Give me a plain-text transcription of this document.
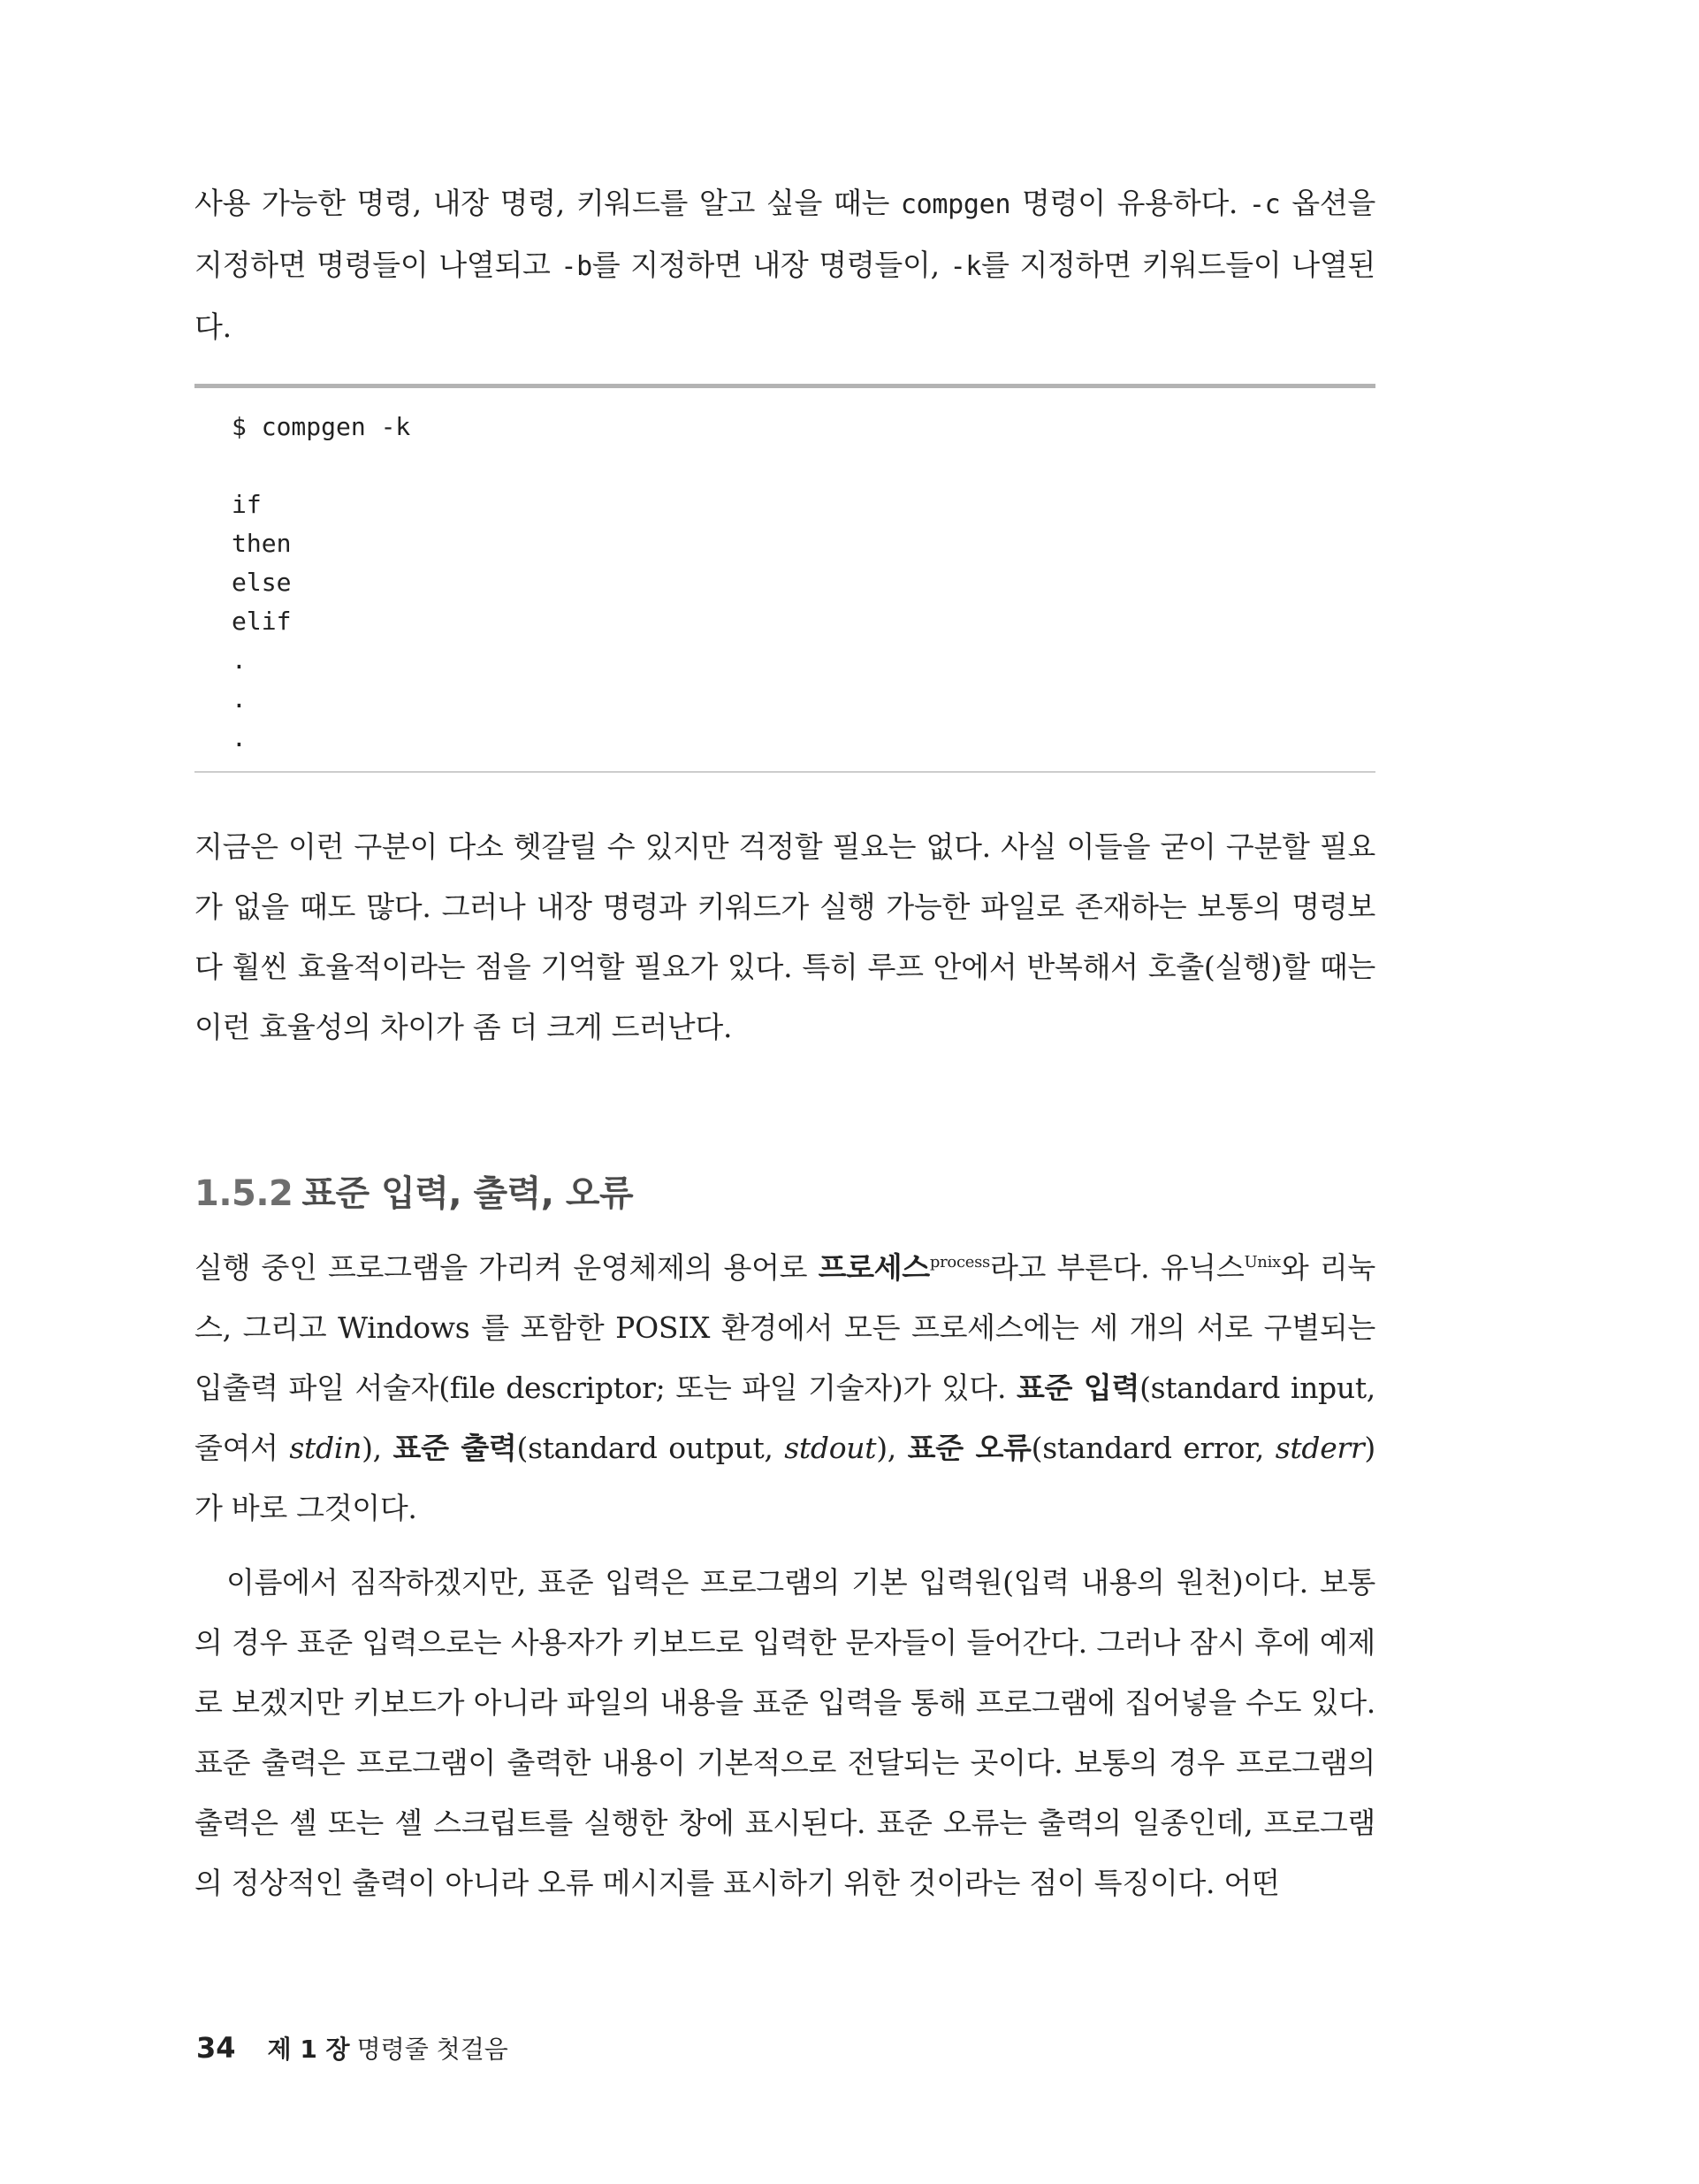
사용 가능한 명령, 내장 명령, 키워드를 알고 싶을 때는 compgen 명령이 유용하다. -c 옵션을 지정하면 명령들이 나열되고 -b를 지정하면 내장 명령들이, -k를 지정하면 키워드들이 나열된다.

$ compgen -k

if
then
else
elif
.
.
.

지금은 이런 구분이 다소 헷갈릴 수 있지만 걱정할 필요는 없다. 사실 이들을 굳이 구분할 필요가 없을 때도 많다. 그러나 내장 명령과 키워드가 실행 가능한 파일로 존재하는 보통의 명령보다 훨씬 효율적이라는 점을 기억할 필요가 있다. 특히 루프 안에서 반복해서 호출(실행)할 때는 이런 효율성의 차이가 좀 더 크게 드러난다.

1.5.2 표준 입력, 출력, 오류

실행 중인 프로그램을 가리켜 운영체제의 용어로 프로세스$^{process}$라고 부른다. 유닉스$^{Unix}$와 리눅스, 그리고 Windows 를 포함한 POSIX 환경에서 모든 프로세스에는 세 개의 서로 구별되는 입출력 파일 서술자(file descriptor; 또는 파일 기술자)가 있다. 표준 입력(standard input, 줄여서 stdin), 표준 출력(standard output, stdout), 표준 오류(standard error, stderr)가 바로 그것이다.

이름에서 짐작하겠지만, 표준 입력은 프로그램의 기본 입력원(입력 내용의 원천)이다. 보통의 경우 표준 입력으로는 사용자가 키보드로 입력한 문자들이 들어간다. 그러나 잠시 후에 예제로 보겠지만 키보드가 아니라 파일의 내용을 표준 입력을 통해 프로그램에 집어넣을 수도 있다. 표준 출력은 프로그램이 출력한 내용이 기본적으로 전달되는 곳이다. 보통의 경우 프로그램의 출력은 셸 또는 셸 스크립트를 실행한 창에 표시된다. 표준 오류는 출력의 일종인데, 프로그램의 정상적인 출력이 아니라 오류 메시지를 표시하기 위한 것이라는 점이 특징이다. 어떤

34 제 1 장 명령줄 첫걸음
